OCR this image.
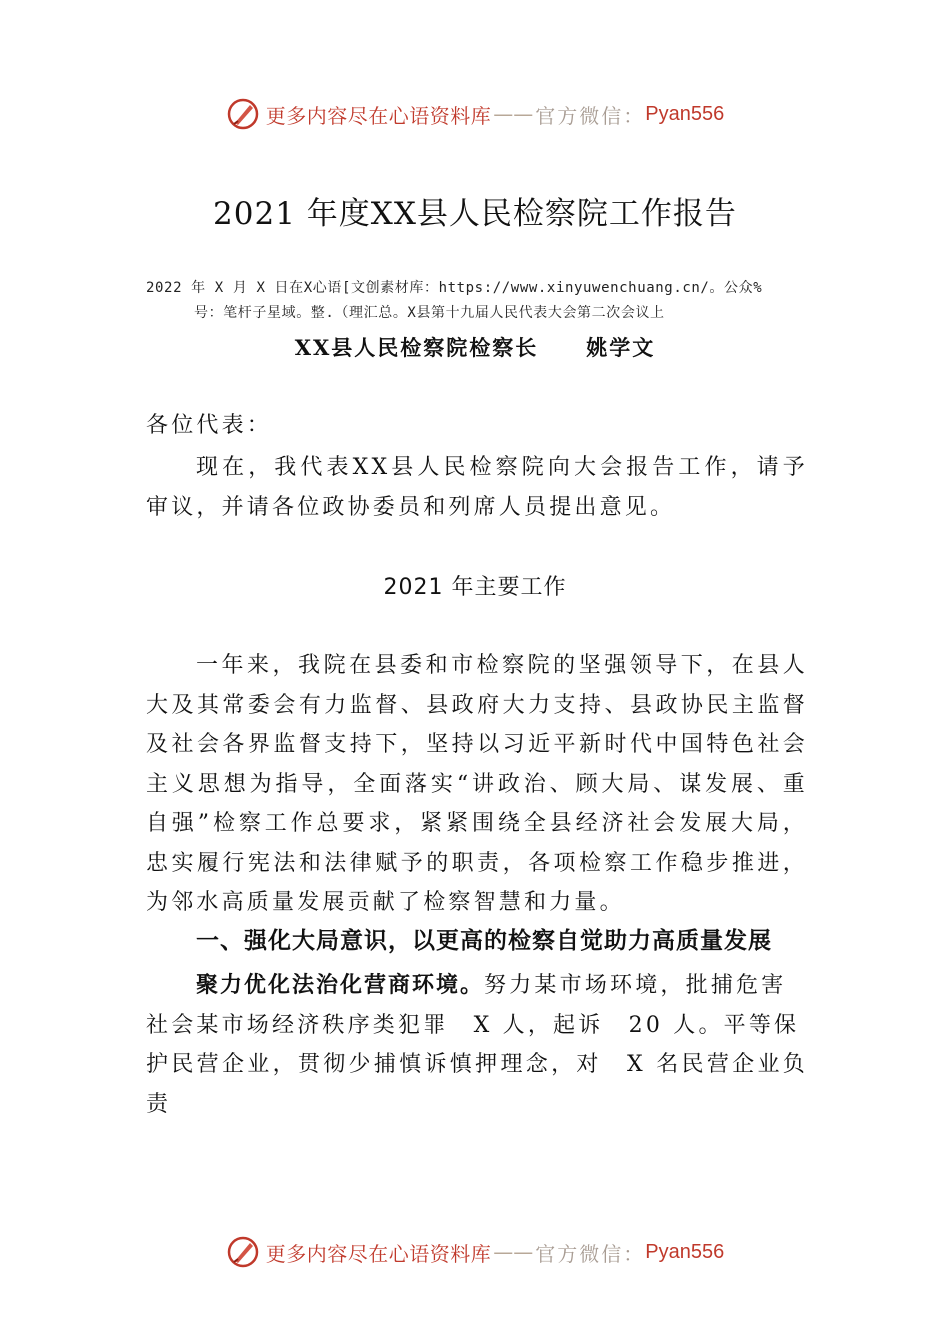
更多内容尽在心语资料库 —— 官方微信： Pyan556
2021 年度XX县人民检察院工作报告
2022 年 X 月 X 日在X心语[文创素材库：https://www.xinyuwenchuang.cn/。公众%
号：笔杆子星域。整.（理汇总。X县第十九届人民代表大会第二次会议上
XX县人民检察院检察长 姚学文
各位代表：
现在，我代表XX县人民检察院向大会报告工作，请予审议，并请各位政协委员和列席人员提出意见。
2021 年主要工作
一年来，我院在县委和市检察院的坚强领导下，在县人大及其常委会有力监督、县政府大力支持、县政协民主监督及社会各界监督支持下，坚持以习近平新时代中国特色社会主义思想为指导，全面落实“讲政治、顾大局、谋发展、重自强”检察工作总要求，紧紧围绕全县经济社会发展大局，忠实履行宪法和法律赋予的职责，各项检察工作稳步推进，为邻水高质量发展贡献了检察智慧和力量。
一、强化大局意识，以更高的检察自觉助力高质量发展
聚力优化法治化营商环境。努力某市场环境，批捕危害
社会某市场经济秩序类犯罪　X 人，起诉　20 人。平等保
护民营企业，贯彻少捕慎诉慎押理念，对　X 名民营企业负责
更多内容尽在心语资料库 —— 官方微信： Pyan556
